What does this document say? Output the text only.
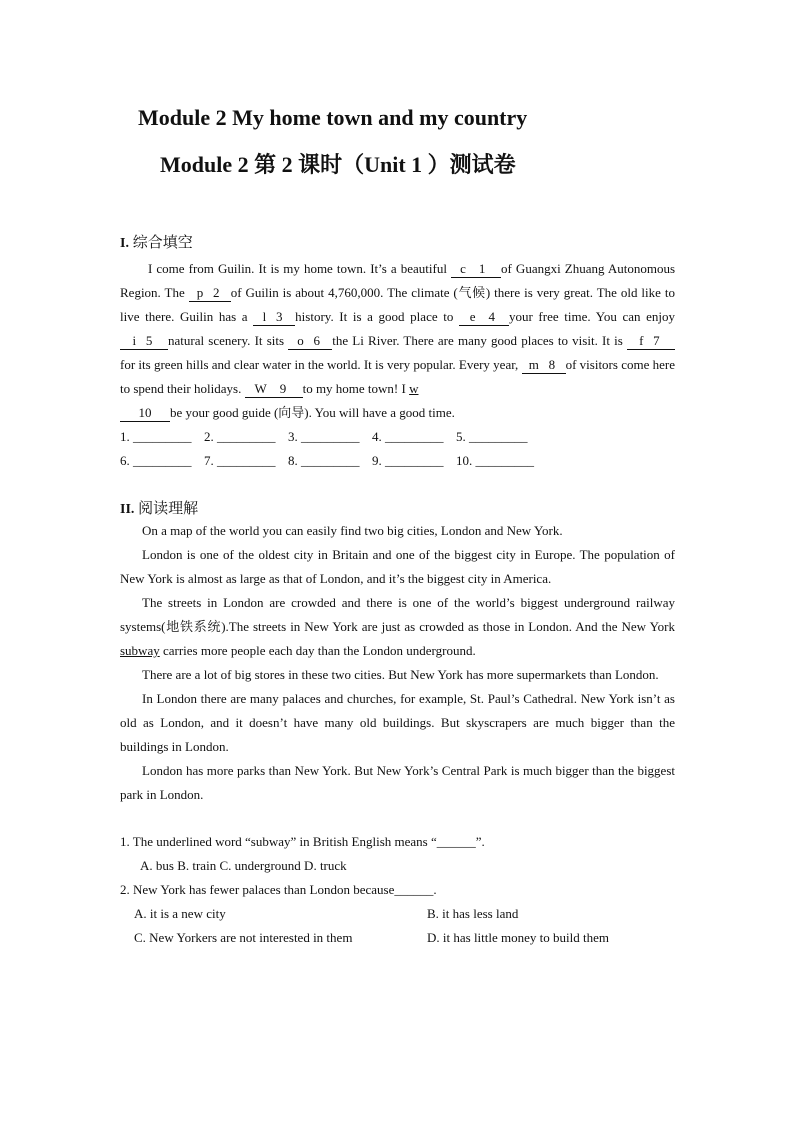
Module 2 My home town and my country
Module 2 第 2 课时（Unit 1 ）测试卷
I. 综合填空

I come from Guilin. It is my home town. It’s a beautiful c 1 of Guangxi Zhuang Autonomous Region. The p 2 of Guilin is about 4,760,000. The climate (气候) there is very great. The old like to live there. Guilin has a l 3 history. It is a good place to e 4 your free time. You can enjoy i 5 natural scenery. It sits o 6 the Li River. There are many good places to visit. It is f 7 for its green hills and clear water in the world. It is very popular. Every year, m 8 of visitors come here to spend their holidays. W 9 to my home town! I w
10 be your good guide (向导). You will have a good time.

1. _________ 2. _________ 3. _________ 4. _________ 5. _________
6. _________ 7. _________ 8. _________ 9. _________ 10. _________
II. 阅读理解

On a map of the world you can easily find two big cities, London and New York.

London is one of the oldest city in Britain and one of the biggest city in Europe. The population of New York is almost as large as that of London, and it’s the biggest city in America.

The streets in London are crowded and there is one of the world’s biggest underground railway systems(地铁系统).The streets in New York are just as crowded as those in London. And the New York subway carries more people each day than the London underground.

There are a lot of big stores in these two cities. But New York has more supermarkets than London.

In London there are many palaces and churches, for example, St. Paul’s Cathedral. New York isn’t as old as London, and it doesn’t have many old buildings. But skyscrapers are much bigger than the buildings in London.

London has more parks than New York. But New York’s Central Park is much bigger than the biggest park in London.

1. The underlined word “subway” in British English means “______”.
A. bus B. train C. underground D. truck
2. New York has fewer palaces than London because______.
A. it is a new city	B. it has less land
C. New Yorkers are not interested in them	D. it has little money to build them
